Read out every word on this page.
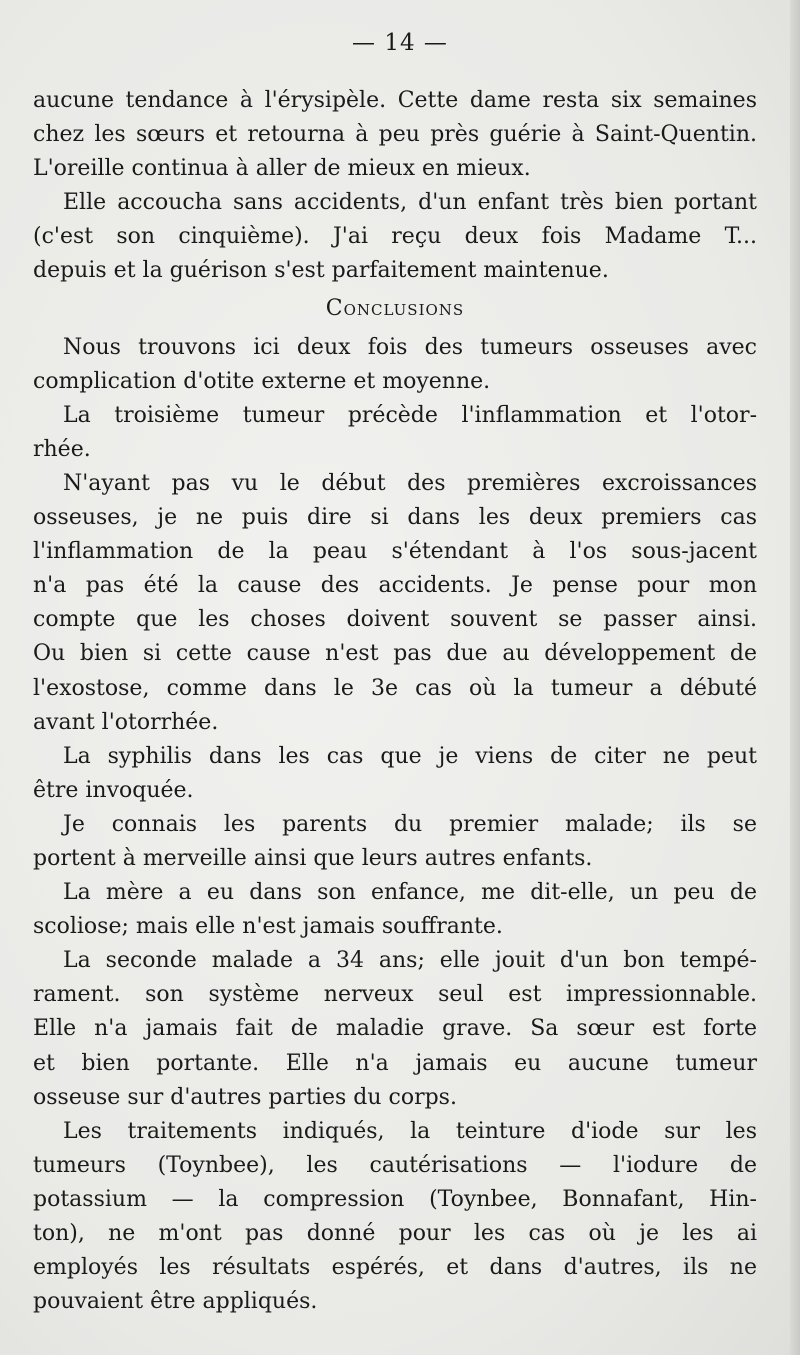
— 14 —
aucune tendance à l'érysipèle. Cette dame resta six semaines
chez les sœurs et retourna à peu près guérie à Saint-Quentin.
L'oreille continua à aller de mieux en mieux.
Elle accoucha sans accidents, d'un enfant très bien portant
(c'est son cinquième). J'ai reçu deux fois Madame T...
depuis et la guérison s'est parfaitement maintenue.
Conclusions
Nous trouvons ici deux fois des tumeurs osseuses avec
complication d'otite externe et moyenne.
La troisième tumeur précède l'inflammation et l'otor-
rhée.
N'ayant pas vu le début des premières excroissances
osseuses, je ne puis dire si dans les deux premiers cas
l'inflammation de la peau s'étendant à l'os sous-jacent
n'a pas été la cause des accidents. Je pense pour mon
compte que les choses doivent souvent se passer ainsi.
Ou bien si cette cause n'est pas due au développement de
l'exostose, comme dans le 3e cas où la tumeur a débuté
avant l'otorrhée.
La syphilis dans les cas que je viens de citer ne peut
être invoquée.
Je connais les parents du premier malade; ils se
portent à merveille ainsi que leurs autres enfants.
La mère a eu dans son enfance, me dit-elle, un peu de
scoliose; mais elle n'est jamais souffrante.
La seconde malade a 34 ans; elle jouit d'un bon tempé-
rament. son système nerveux seul est impressionnable.
Elle n'a jamais fait de maladie grave. Sa sœur est forte
et bien portante. Elle n'a jamais eu aucune tumeur
osseuse sur d'autres parties du corps.
Les traitements indiqués, la teinture d'iode sur les
tumeurs (Toynbee), les cautérisations — l'iodure de
potassium — la compression (Toynbee, Bonnafant, Hin-
ton), ne m'ont pas donné pour les cas où je les ai
employés les résultats espérés, et dans d'autres, ils ne
pouvaient être appliqués.
